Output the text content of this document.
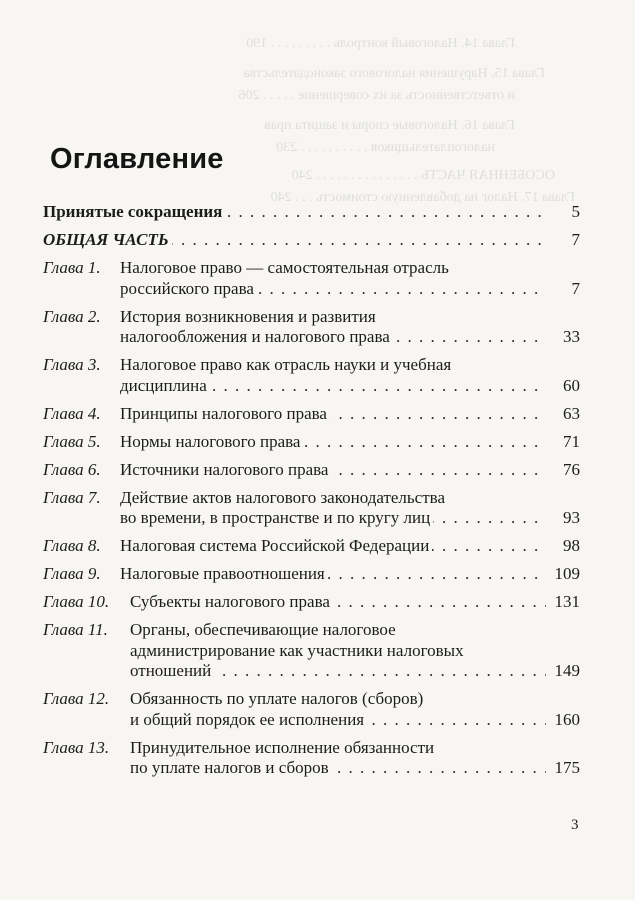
Глава 14. Налоговый контроль . . . . . . . . . 190
Глава 15. Нарушения налогового законодательства
и ответственность за их совершение . . . . . 206
Глава 16. Налоговые споры и защита прав
налогоплательщиков . . . . . . . . . . 230
ОСОБЕННАЯ ЧАСТЬ . . . . . . . . . . . . . . . 240
Глава 17. Налог на добавленную стоимость . . . 240
Оглавление
Принятые сокращения . . .	5
ОБЩАЯ ЧАСТЬ . . .	7
Глава 1. Налоговое право — самостоятельная отрасль
российского права . . .	7
Глава 2. История возникновения и развития
налогообложения и налогового права . . .	33
Глава 3. Налоговое право как отрасль науки и учебная
дисциплина . . .	60
Глава 4. Принципы налогового права . . .	63
Глава 5. Нормы налогового права . . .	71
Глава 6. Источники налогового права . . .	76
Глава 7. Действие актов налогового законодательства
во времени, в пространстве и по кругу лиц . . .	93
Глава 8. Налоговая система Российской Федерации . . .	98
Глава 9. Налоговые правоотношения . . .	109
Глава 10. Субъекты налогового права . . .	131
Глава 11. Органы, обеспечивающие налоговое
администрирование как участники налоговых
отношений . . .	149
Глава 12. Обязанность по уплате налогов (сборов)
и общий порядок ее исполнения . . .	160
Глава 13. Принудительное исполнение обязанности
по уплате налогов и сборов . . .	175
3
